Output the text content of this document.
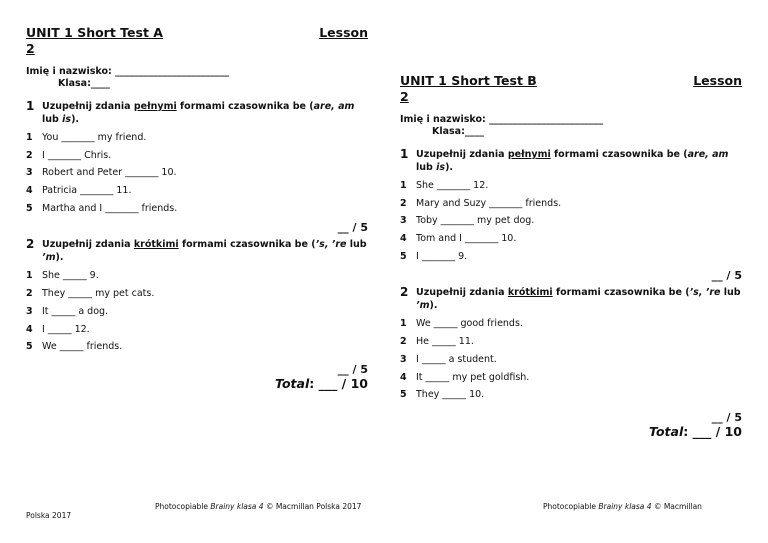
UNIT 1 Short Test A	Lesson
2
Imię i nazwisko: ________________________
Klasa:____
1 Uzupełnij zdania pełnymi formami czasownika be (are, am lub is).
1 You _______ my friend.
2 I _______ Chris.
3 Robert and Peter _______ 10.
4 Patricia _______ 11.
5 Martha and I _______ friends.
__ / 5
2 Uzupełnij zdania krótkimi formami czasownika be (’s, ’re lub ’m).
1 She _____ 9.
2 They _____ my pet cats.
3 It _____ a dog.
4 I _____ 12.
5 We _____ friends.
__ / 5
Total: ___ / 10
UNIT 1 Short Test B	Lesson
2
Imię i nazwisko: ________________________
Klasa:____
1 Uzupełnij zdania pełnymi formami czasownika be (are, am lub is).
1 She _______ 12.
2 Mary and Suzy _______ friends.
3 Toby _______ my pet dog.
4 Tom and I _______ 10.
5 I _______ 9.
__ / 5
2 Uzupełnij zdania krótkimi formami czasownika be (’s, ’re lub ’m).
1 We _____ good friends.
2 He _____ 11.
3 I _____ a student.
4 It _____ my pet goldfish.
5 They _____ 10.
__ / 5
Total: ___ / 10
Photocopiable Brainy klasa 4 © Macmillan Polska 2017	Photocopiable Brainy klasa 4 © Macmillan
Polska 2017
